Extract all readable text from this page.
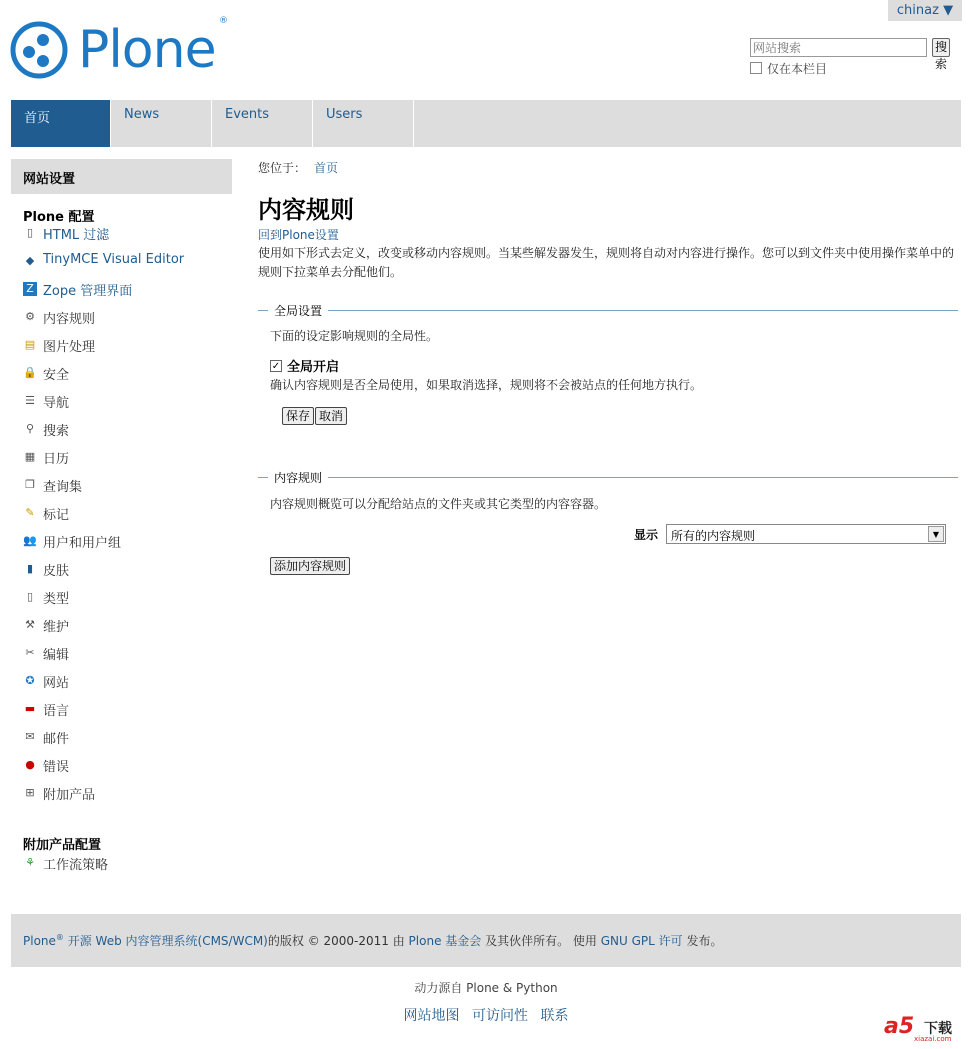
chinaz ▼
Plone ®
网站搜索
搜索
仅在本栏目
首页	News	Events	Users
网站设置
Plone 配置
▯ HTML 过滤
◆ TinyMCE Visual Editor
Z Zope 管理界面
⚙ 内容规则
▤ 图片处理
🔒 安全
☰ 导航
⚲ 搜索
▦ 日历
❐ 查询集
✎ 标记
👥 用户和用户组
▮ 皮肤
▯ 类型
⚒ 维护
✂ 编辑
✪ 网站
▬ 语言
✉ 邮件
● 错误
⊞ 附加产品
附加产品配置
⚘ 工作流策略
您位于： 首页
内容规则
回到Plone设置
使用如下形式去定义，改变或移动内容规则。当某些解发器发生，规则将自动对内容进行操作。您可以到文件夹中使用操作菜单中的规则下拉菜单去分配他们。
全局设置
下面的设定影响规则的全局性。
✓ 全局开启
确认内容规则是否全局使用，如果取消选择，规则将不会被站点的任何地方执行。
保存 取消
内容规则
内容规则概览可以分配给站点的文件夹或其它类型的内容容器。
显示	所有的内容规则	▼
添加内容规则
Plone® 开源 Web 内容管理系统(CMS/WCM)的版权 © 2000-2011 由 Plone 基金会 及其伙伴所有。 使用 GNU GPL 许可 发布。
动力源自 Plone & Python
网站地图 可访问性 联系	a5 下载
xiazai.com
